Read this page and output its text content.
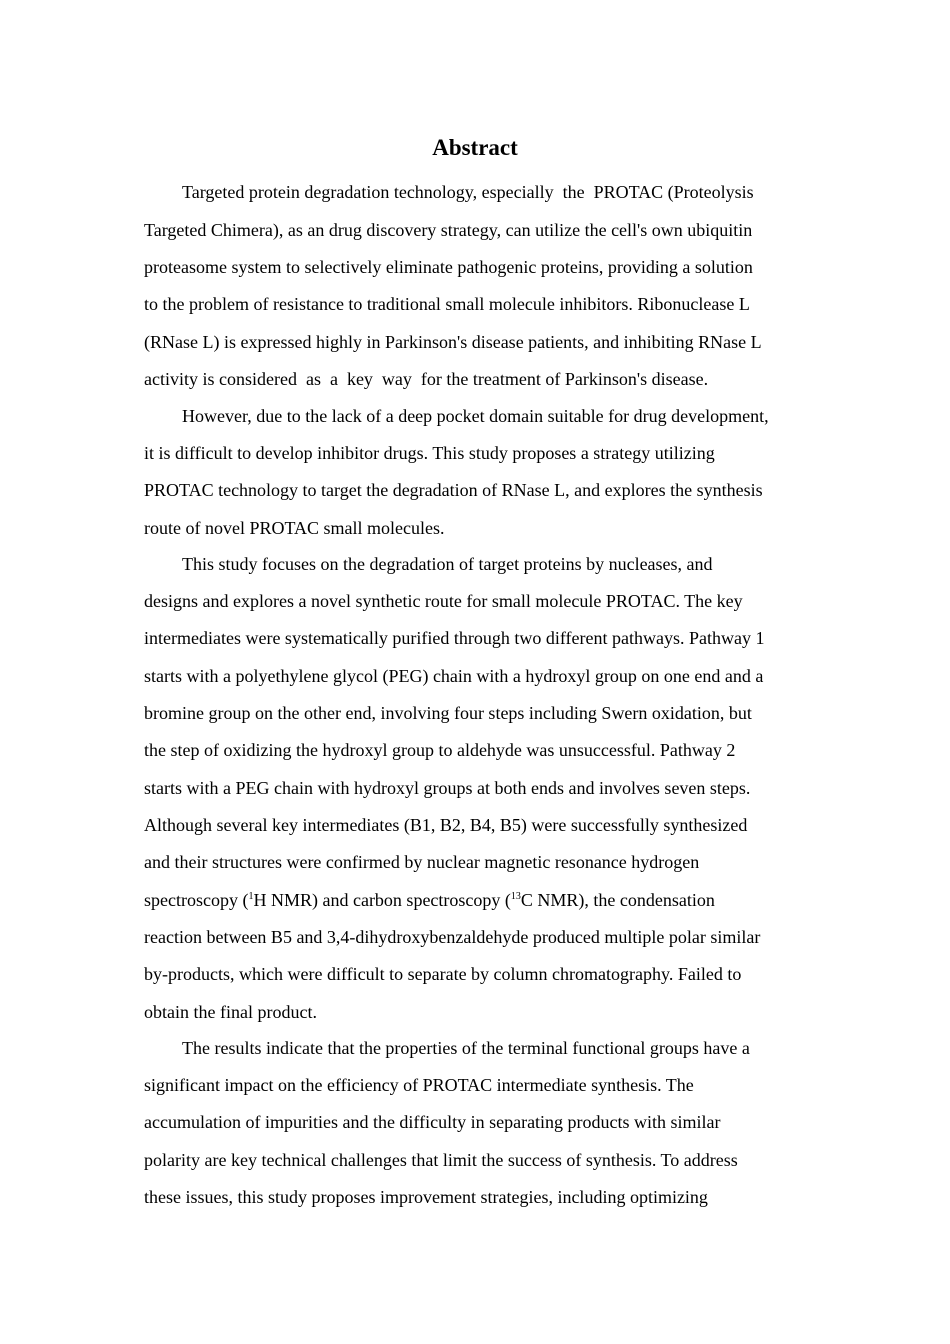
Abstract
Targeted protein degradation technology, especially  the  PROTAC (Proteolysis
Targeted Chimera), as an drug discovery strategy, can utilize the cell's own ubiquitin
proteasome system to selectively eliminate pathogenic proteins, providing a solution
to the problem of resistance to traditional small molecule inhibitors. Ribonuclease L
(RNase L) is expressed highly in Parkinson's disease patients, and inhibiting RNase L
activity is considered  as  a  key  way  for the treatment of Parkinson's disease.
However, due to the lack of a deep pocket domain suitable for drug development,
it is difficult to develop inhibitor drugs. This study proposes a strategy utilizing
PROTAC technology to target the degradation of RNase L, and explores the synthesis
route of novel PROTAC small molecules.
This study focuses on the degradation of target proteins by nucleases, and
designs and explores a novel synthetic route for small molecule PROTAC. The key
intermediates were systematically purified through two different pathways. Pathway 1
starts with a polyethylene glycol (PEG) chain with a hydroxyl group on one end and a
bromine group on the other end, involving four steps including Swern oxidation, but
the step of oxidizing the hydroxyl group to aldehyde was unsuccessful. Pathway 2
starts with a PEG chain with hydroxyl groups at both ends and involves seven steps.
Although several key intermediates (B1, B2, B4, B5) were successfully synthesized
and their structures were confirmed by nuclear magnetic resonance hydrogen
spectroscopy ($^1$H NMR) and carbon spectroscopy ($^{13}$C NMR), the condensation
reaction between B5 and 3,4-dihydroxybenzaldehyde produced multiple polar similar
by-products, which were difficult to separate by column chromatography. Failed to
obtain the final product.
The results indicate that the properties of the terminal functional groups have a
significant impact on the efficiency of PROTAC intermediate synthesis. The
accumulation of impurities and the difficulty in separating products with similar
polarity are key technical challenges that limit the success of synthesis. To address
these issues, this study proposes improvement strategies, including optimizing
